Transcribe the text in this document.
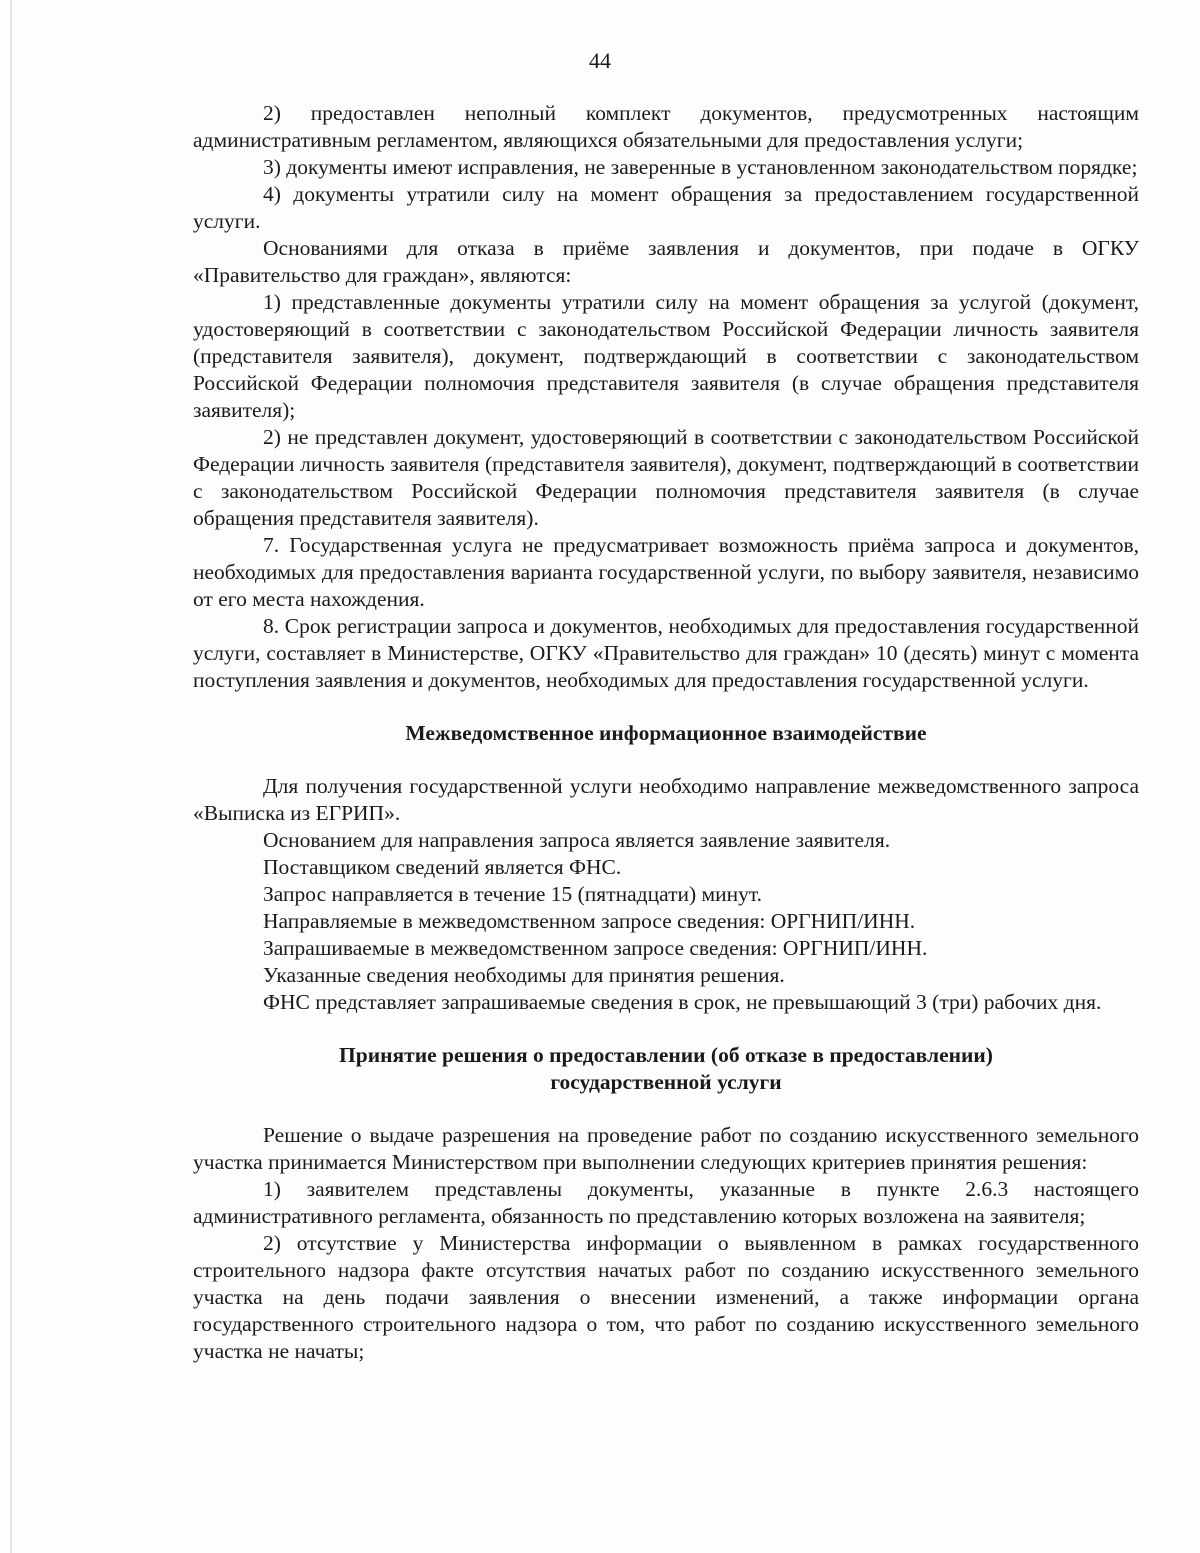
44

2) предоставлен неполный комплект документов, предусмотренных настоящим административным регламентом, являющихся обязательными для предоставления услуги;

3) документы имеют исправления, не заверенные в установленном законодательством порядке;

4) документы утратили силу на момент обращения за предоставлением государственной услуги.

Основаниями для отказа в приёме заявления и документов, при подаче в ОГКУ «Правительство для граждан», являются:

1) представленные документы утратили силу на момент обращения за услугой (документ, удостоверяющий в соответствии с законодательством Российской Федерации личность заявителя (представителя заявителя), документ, подтверждающий в соответствии с законодательством Российской Федерации полномочия представителя заявителя (в случае обращения представителя заявителя);

2) не представлен документ, удостоверяющий в соответствии с законодательством Российской Федерации личность заявителя (представителя заявителя), документ, подтверждающий в соответствии с законодательством Российской Федерации полномочия представителя заявителя (в случае обращения представителя заявителя).

7. Государственная услуга не предусматривает возможность приёма запроса и документов, необходимых для предоставления варианта государственной услуги, по выбору заявителя, независимо от его места нахождения.

8. Срок регистрации запроса и документов, необходимых для предоставления государственной услуги, составляет в Министерстве, ОГКУ «Правительство для граждан» 10 (десять) минут с момента поступления заявления и документов, необходимых для предоставления государственной услуги.

Межведомственное информационное взаимодействие

Для получения государственной услуги необходимо направление межведомственного запроса «Выписка из ЕГРИП».

Основанием для направления запроса является заявление заявителя.

Поставщиком сведений является ФНС.

Запрос направляется в течение 15 (пятнадцати) минут.

Направляемые в межведомственном запросе сведения: ОРГНИП/ИНН.

Запрашиваемые в межведомственном запросе сведения: ОРГНИП/ИНН.

Указанные сведения необходимы для принятия решения.

ФНС представляет запрашиваемые сведения в срок, не превышающий 3 (три) рабочих дня.

Принятие решения о предоставлении (об отказе в предоставлении)
государственной услуги

Решение о выдаче разрешения на проведение работ по созданию искусственного земельного участка принимается Министерством при выполнении следующих критериев принятия решения:

1) заявителем представлены документы, указанные в пункте 2.6.3 настоящего административного регламента, обязанность по представлению которых возложена на заявителя;

2) отсутствие у Министерства информации о выявленном в рамках государственного строительного надзора факте отсутствия начатых работ по созданию искусственного земельного участка на день подачи заявления о внесении изменений, а также информации органа государственного строительного надзора о том, что работ по созданию искусственного земельного участка не начаты;
